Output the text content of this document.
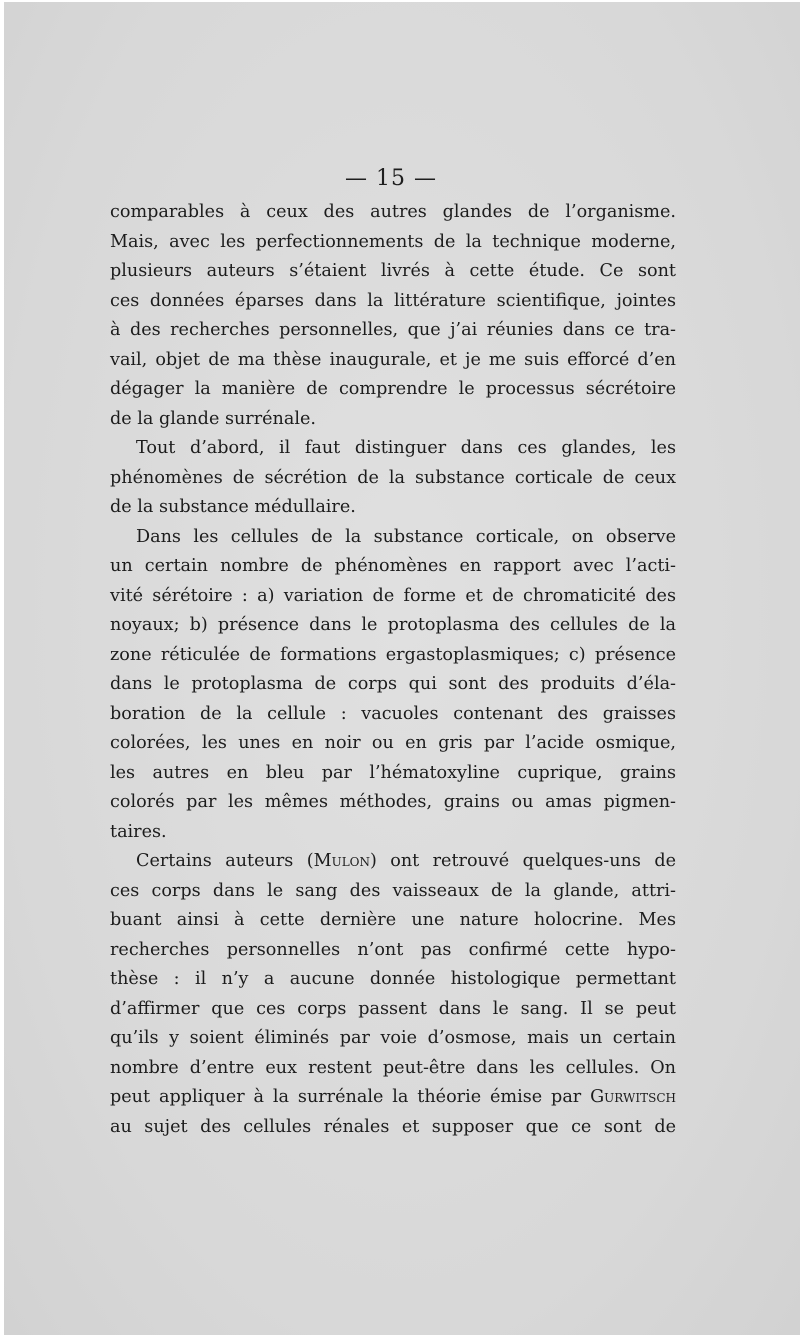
— 15 —
comparables à ceux des autres glandes de l’organisme.
Mais, avec les perfectionnements de la technique moderne,
plusieurs auteurs s’étaient livrés à cette étude. Ce sont
ces données éparses dans la littérature scientifique, jointes
à des recherches personnelles, que j’ai réunies dans ce tra-
vail, objet de ma thèse inaugurale, et je me suis efforcé d’en
dégager la manière de comprendre le processus sécrétoire
de la glande surrénale.
Tout d’abord, il faut distinguer dans ces glandes, les
phénomènes de sécrétion de la substance corticale de ceux
de la substance médullaire.
Dans les cellules de la substance corticale, on observe
un certain nombre de phénomènes en rapport avec l’acti-
vité sérétoire : a) variation de forme et de chromaticité des
noyaux; b) présence dans le protoplasma des cellules de la
zone réticulée de formations ergastoplasmiques; c) présence
dans le protoplasma de corps qui sont des produits d’éla-
boration de la cellule : vacuoles contenant des graisses
colorées, les unes en noir ou en gris par l’acide osmique,
les autres en bleu par l’hématoxyline cuprique, grains
colorés par les mêmes méthodes, grains ou amas pigmen-
taires.
Certains auteurs (Mulon) ont retrouvé quelques-uns de
ces corps dans le sang des vaisseaux de la glande, attri-
buant ainsi à cette dernière une nature holocrine. Mes
recherches personnelles n’ont pas confirmé cette hypo-
thèse : il n’y a aucune donnée histologique permettant
d’affirmer que ces corps passent dans le sang. Il se peut
qu’ils y soient éliminés par voie d’osmose, mais un certain
nombre d’entre eux restent peut-être dans les cellules. On
peut appliquer à la surrénale la théorie émise par Gurwitsch
au sujet des cellules rénales et supposer que ce sont de
